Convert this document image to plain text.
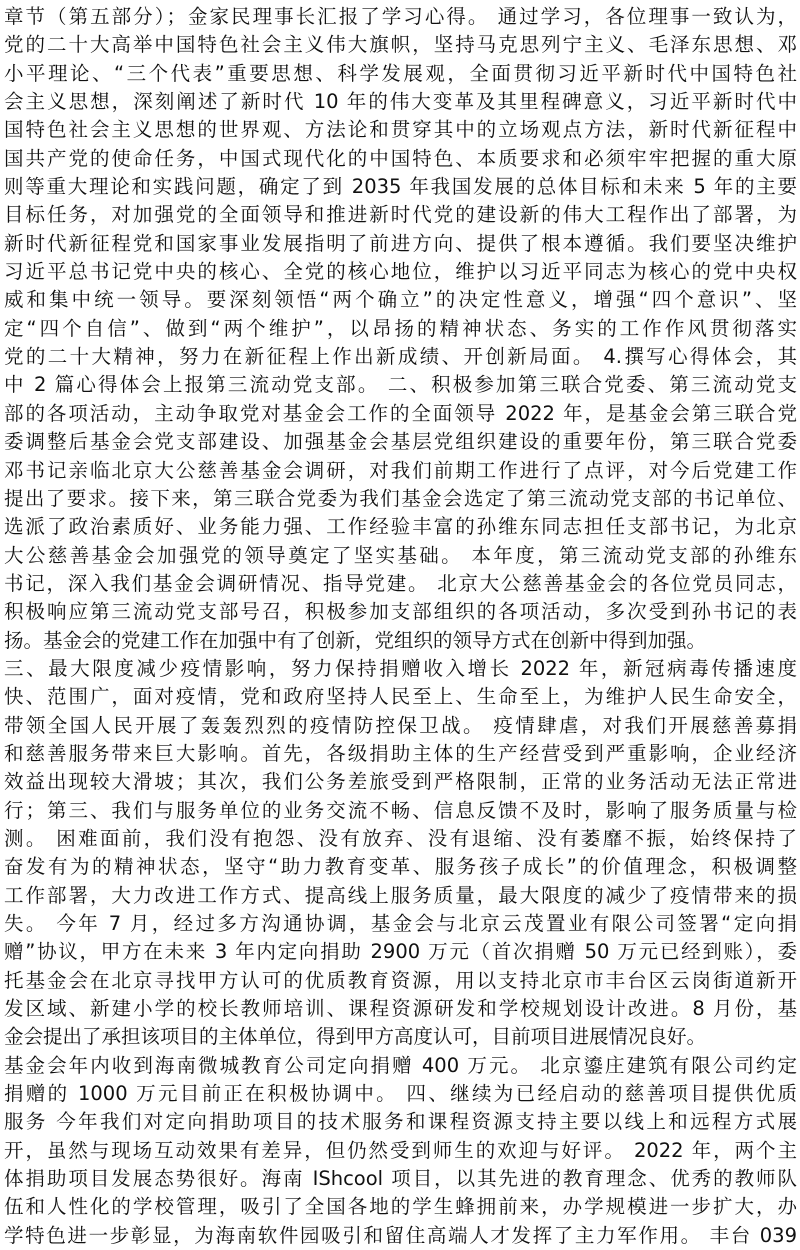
章节（第五部分）；金家民理事长汇报了学习心得。 通过学习，各位理事一致认为，
党的二十大高举中国特色社会主义伟大旗帜，坚持马克思列宁主义、毛泽东思想、邓
小平理论、“三个代表”重要思想、科学发展观，全面贯彻习近平新时代中国特色社
会主义思想，深刻阐述了新时代 10 年的伟大变革及其里程碑意义，习近平新时代中
国特色社会主义思想的世界观、方法论和贯穿其中的立场观点方法，新时代新征程中
国共产党的使命任务，中国式现代化的中国特色、本质要求和必须牢牢把握的重大原
则等重大理论和实践问题，确定了到 2035 年我国发展的总体目标和未来 5 年的主要
目标任务，对加强党的全面领导和推进新时代党的建设新的伟大工程作出了部署，为
新时代新征程党和国家事业发展指明了前进方向、提供了根本遵循。我们要坚决维护
习近平总书记党中央的核心、全党的核心地位，维护以习近平同志为核心的党中央权
威和集中统一领导。要深刻领悟“两个确立”的决定性意义，增强“四个意识”、坚
定“四个自信”、做到“两个维护”，以昂扬的精神状态、务实的工作作风贯彻落实
党的二十大精神，努力在新征程上作出新成绩、开创新局面。 4.撰写心得体会，其
中 2 篇心得体会上报第三流动党支部。 二、积极参加第三联合党委、第三流动党支
部的各项活动，主动争取党对基金会工作的全面领导 2022 年，是基金会第三联合党
委调整后基金会党支部建设、加强基金会基层党组织建设的重要年份，第三联合党委
邓书记亲临北京大公慈善基金会调研，对我们前期工作进行了点评，对今后党建工作
提出了要求。接下来，第三联合党委为我们基金会选定了第三流动党支部的书记单位、
选派了政治素质好、业务能力强、工作经验丰富的孙维东同志担任支部书记，为北京
大公慈善基金会加强党的领导奠定了坚实基础。 本年度，第三流动党支部的孙维东
书记，深入我们基金会调研情况、指导党建。 北京大公慈善基金会的各位党员同志，
积极响应第三流动党支部号召，积极参加支部组织的各项活动，多次受到孙书记的表
扬。基金会的党建工作在加强中有了创新，党组织的领导方式在创新中得到加强。
三、最大限度减少疫情影响，努力保持捐赠收入增长 2022 年，新冠病毒传播速度
快、范围广，面对疫情，党和政府坚持人民至上、生命至上，为维护人民生命安全，
带领全国人民开展了轰轰烈烈的疫情防控保卫战。 疫情肆虐，对我们开展慈善募捐
和慈善服务带来巨大影响。首先，各级捐助主体的生产经营受到严重影响，企业经济
效益出现较大滑坡；其次，我们公务差旅受到严格限制，正常的业务活动无法正常进
行；第三、我们与服务单位的业务交流不畅、信息反馈不及时，影响了服务质量与检
测。 困难面前，我们没有抱怨、没有放弃、没有退缩、没有萎靡不振，始终保持了
奋发有为的精神状态，坚守“助力教育变革、服务孩子成长”的价值理念，积极调整
工作部署，大力改进工作方式、提高线上服务质量，最大限度的减少了疫情带来的损
失。 今年 7 月，经过多方沟通协调，基金会与北京云茂置业有限公司签署“定向捐
赠”协议，甲方在未来 3 年内定向捐助 2900 万元（首次捐赠 50 万元已经到账），委
托基金会在北京寻找甲方认可的优质教育资源，用以支持北京市丰台区云岗街道新开
发区域、新建小学的校长教师培训、课程资源研发和学校规划设计改进。8 月份，基
金会提出了承担该项目的主体单位，得到甲方高度认可，目前项目进展情况良好。
基金会年内收到海南微城教育公司定向捐赠 400 万元。 北京鎏庄建筑有限公司约定
捐赠的 1000 万元目前正在积极协调中。 四、继续为已经启动的慈善项目提供优质
服务 今年我们对定向捐助项目的技术服务和课程资源支持主要以线上和远程方式展
开，虽然与现场互动效果有差异，但仍然受到师生的欢迎与好评。 2022 年，两个主
体捐助项目发展态势很好。海南 IShcool 项目，以其先进的教育理念、优秀的教师队
伍和人性化的学校管理，吸引了全国各地的学生蜂拥前来，办学规模进一步扩大，办
学特色进一步彰显，为海南软件园吸引和留住高端人才发挥了主力军作用。 丰台 039
